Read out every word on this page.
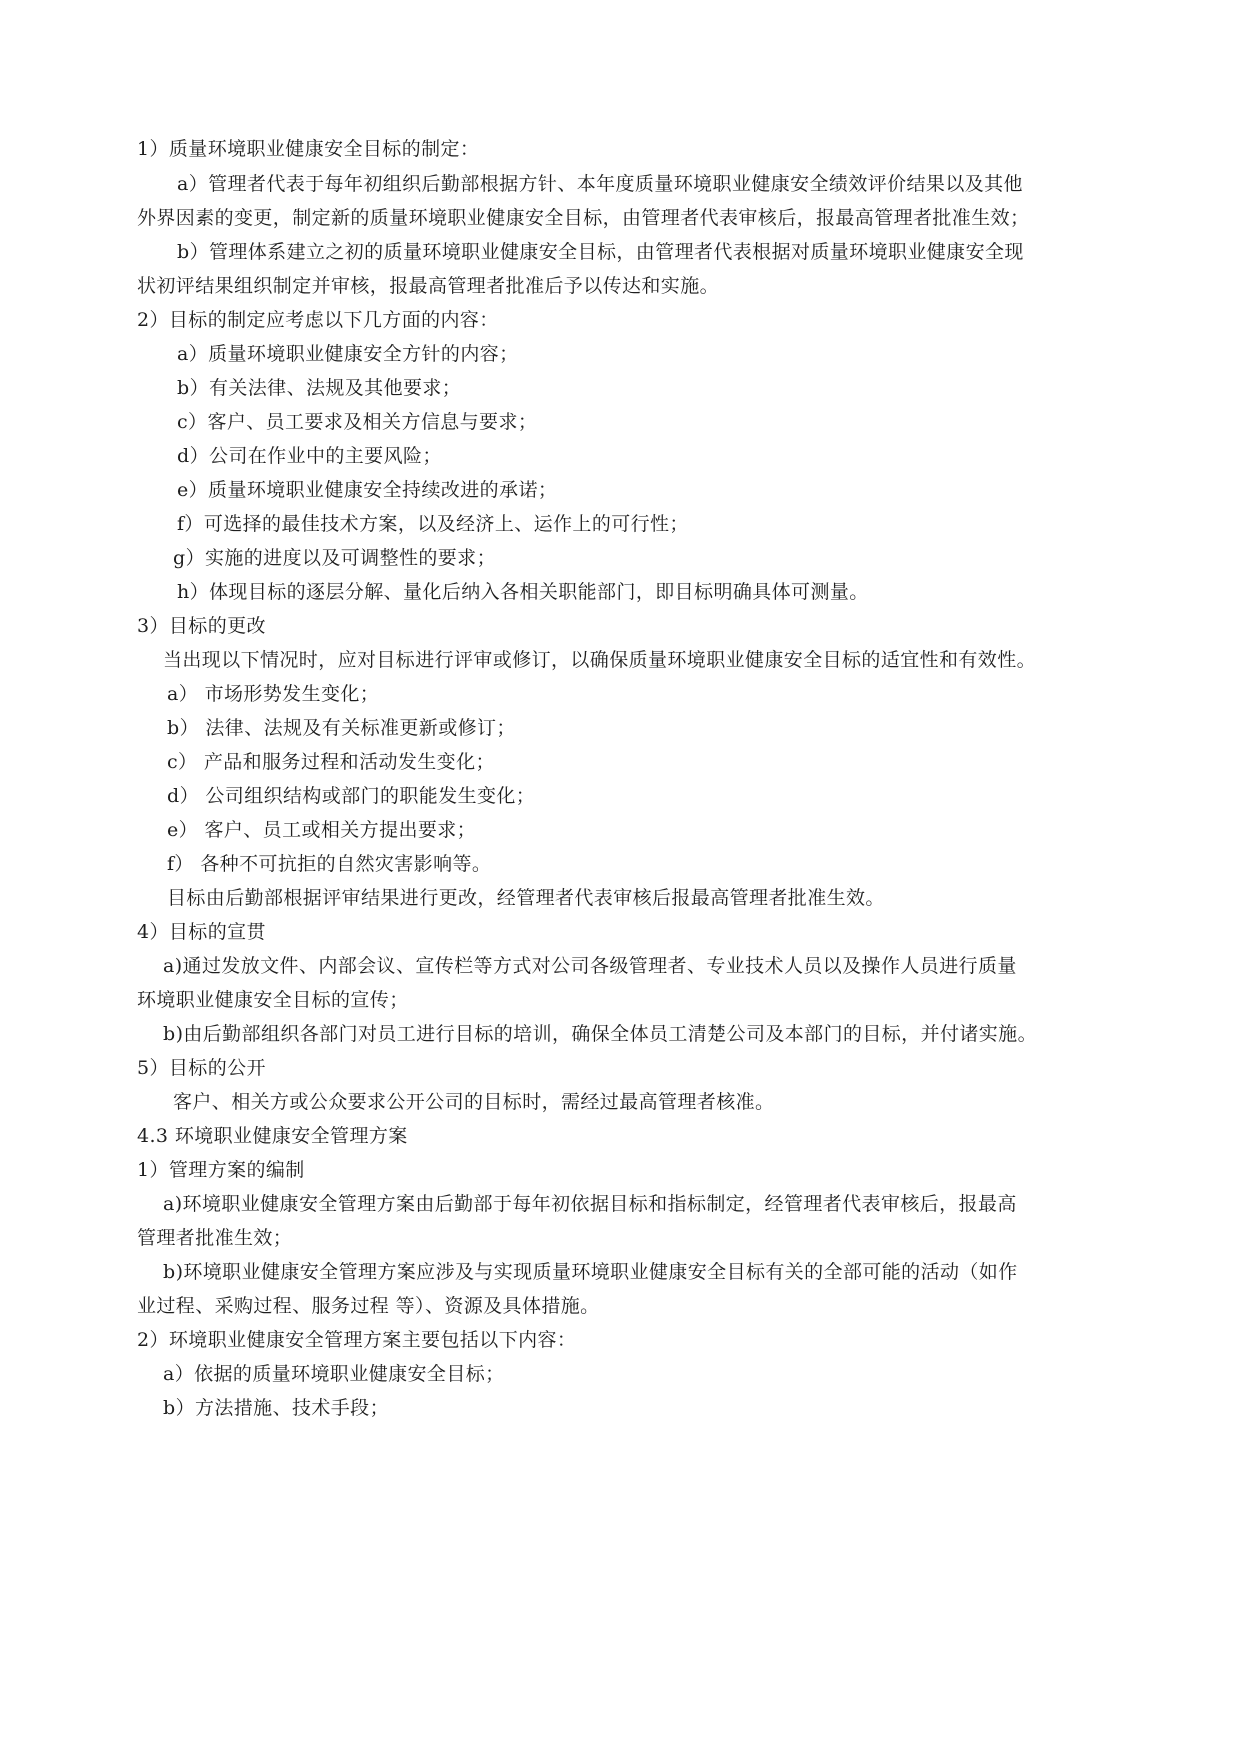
1）质量环境职业健康安全目标的制定：
a）管理者代表于每年初组织后勤部根据方针、本年度质量环境职业健康安全绩效评价结果以及其他
外界因素的变更，制定新的质量环境职业健康安全目标，由管理者代表审核后，报最高管理者批准生效；
b）管理体系建立之初的质量环境职业健康安全目标，由管理者代表根据对质量环境职业健康安全现
状初评结果组织制定并审核，报最高管理者批准后予以传达和实施。
2）目标的制定应考虑以下几方面的内容：
a）质量环境职业健康安全方针的内容；
b）有关法律、法规及其他要求；
c）客户、员工要求及相关方信息与要求；
d）公司在作业中的主要风险；
e）质量环境职业健康安全持续改进的承诺；
f）可选择的最佳技术方案，以及经济上、运作上的可行性；
g）实施的进度以及可调整性的要求；
h）体现目标的逐层分解、量化后纳入各相关职能部门，即目标明确具体可测量。
3）目标的更改
当出现以下情况时，应对目标进行评审或修订，以确保质量环境职业健康安全目标的适宜性和有效性。
a） 市场形势发生变化；
b） 法律、法规及有关标准更新或修订；
c） 产品和服务过程和活动发生变化；
d） 公司组织结构或部门的职能发生变化；
e） 客户、员工或相关方提出要求；
f） 各种不可抗拒的自然灾害影响等。
目标由后勤部根据评审结果进行更改，经管理者代表审核后报最高管理者批准生效。
4）目标的宣贯
a)通过发放文件、内部会议、宣传栏等方式对公司各级管理者、专业技术人员以及操作人员进行质量
环境职业健康安全目标的宣传；
b)由后勤部组织各部门对员工进行目标的培训，确保全体员工清楚公司及本部门的目标，并付诸实施。
5）目标的公开
客户、相关方或公众要求公开公司的目标时，需经过最高管理者核准。
4.3 环境职业健康安全管理方案
1）管理方案的编制
a)环境职业健康安全管理方案由后勤部于每年初依据目标和指标制定，经管理者代表审核后，报最高
管理者批准生效；
b)环境职业健康安全管理方案应涉及与实现质量环境职业健康安全目标有关的全部可能的活动（如作
业过程、采购过程、服务过程 等）、资源及具体措施。
2）环境职业健康安全管理方案主要包括以下内容：
a）依据的质量环境职业健康安全目标；
b）方法措施、技术手段；
